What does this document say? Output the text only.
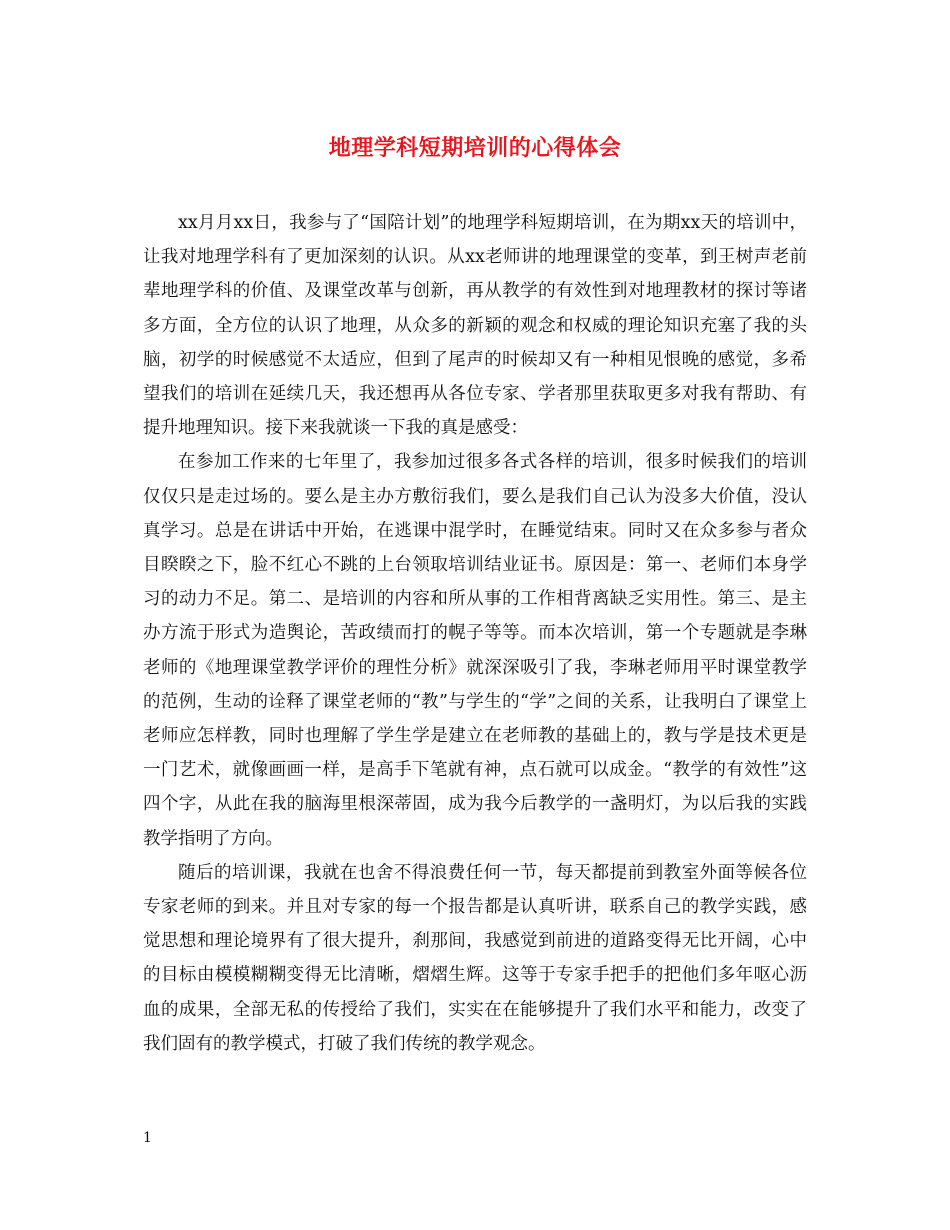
地理学科短期培训的心得体会

xx月月xx日，我参与了“国陪计划”的地理学科短期培训，在为期xx天的培训中，让我对地理学科有了更加深刻的认识。从xx老师讲的地理课堂的变革，到王树声老前辈地理学科的价值、及课堂改革与创新，再从教学的有效性到对地理教材的探讨等诸多方面，全方位的认识了地理，从众多的新颖的观念和权威的理论知识充塞了我的头脑，初学的时候感觉不太适应，但到了尾声的时候却又有一种相见恨晚的感觉，多希望我们的培训在延续几天，我还想再从各位专家、学者那里获取更多对我有帮助、有提升地理知识。接下来我就谈一下我的真是感受：

在参加工作来的七年里了，我参加过很多各式各样的培训，很多时候我们的培训仅仅只是走过场的。要么是主办方敷衍我们，要么是我们自己认为没多大价值，没认真学习。总是在讲话中开始，在逃课中混学时，在睡觉结束。同时又在众多参与者众目睽睽之下，脸不红心不跳的上台领取培训结业证书。原因是：第一、老师们本身学习的动力不足。第二、是培训的内容和所从事的工作相背离缺乏实用性。第三、是主办方流于形式为造舆论，苦政绩而打的幌子等等。而本次培训，第一个专题就是李琳老师的《地理课堂教学评价的理性分析》就深深吸引了我，李琳老师用平时课堂教学的范例，生动的诠释了课堂老师的“教”与学生的“学”之间的关系，让我明白了课堂上老师应怎样教，同时也理解了学生学是建立在老师教的基础上的，教与学是技术更是一门艺术，就像画画一样，是高手下笔就有神，点石就可以成金。“教学的有效性”这四个字，从此在我的脑海里根深蒂固，成为我今后教学的一盏明灯，为以后我的实践教学指明了方向。

随后的培训课，我就在也舍不得浪费任何一节，每天都提前到教室外面等候各位专家老师的到来。并且对专家的每一个报告都是认真听讲，联系自己的教学实践，感觉思想和理论境界有了很大提升，刹那间，我感觉到前进的道路变得无比开阔，心中的目标由模模糊糊变得无比清晰，熠熠生辉。这等于专家手把手的把他们多年呕心沥血的成果，全部无私的传授给了我们，实实在在能够提升了我们水平和能力，改变了我们固有的教学模式，打破了我们传统的教学观念。

1
